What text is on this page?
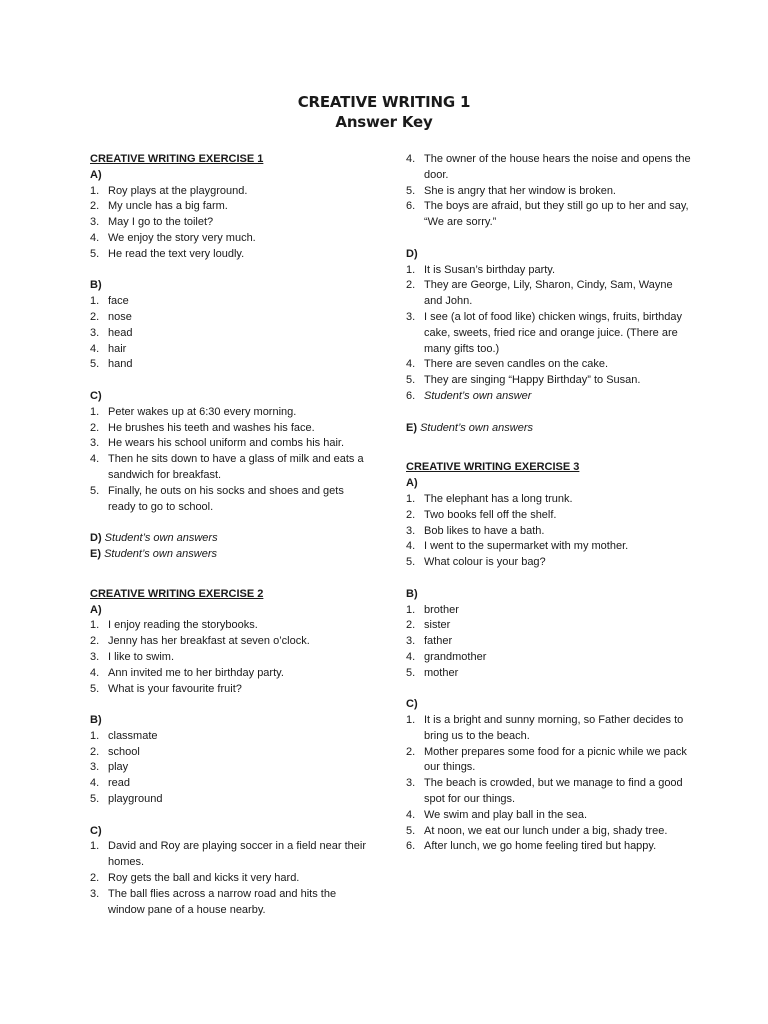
CREATIVE WRITING 1
Answer Key
CREATIVE WRITING EXERCISE 1
A)
1. Roy plays at the playground.
2. My uncle has a big farm.
3. May I go to the toilet?
4. We enjoy the story very much.
5. He read the text very loudly.
B)
1. face
2. nose
3. head
4. hair
5. hand
C)
1. Peter wakes up at 6:30 every morning.
2. He brushes his teeth and washes his face.
3. He wears his school uniform and combs his hair.
4. Then he sits down to have a glass of milk and eats a sandwich for breakfast.
5. Finally, he outs on his socks and shoes and gets ready to go to school.
D) Student’s own answers
E) Student’s own answers
CREATIVE WRITING EXERCISE 2
A)
1. I enjoy reading the storybooks.
2. Jenny has her breakfast at seven o’clock.
3. I like to swim.
4. Ann invited me to her birthday party.
5. What is your favourite fruit?
B)
1. classmate
2. school
3. play
4. read
5. playground
C)
1. David and Roy are playing soccer in a field near their homes.
2. Roy gets the ball and kicks it very hard.
3. The ball flies across a narrow road and hits the window pane of a house nearby.
4. The owner of the house hears the noise and opens the door.
5. She is angry that her window is broken.
6. The boys are afraid, but they still go up to her and say, “We are sorry.”
D)
1. It is Susan’s birthday party.
2. They are George, Lily, Sharon, Cindy, Sam, Wayne and John.
3. I see (a lot of food like) chicken wings, fruits, birthday cake, sweets, fried rice and orange juice. (There are many gifts too.)
4. There are seven candles on the cake.
5. They are singing “Happy Birthday” to Susan.
6. Student’s own answer
E) Student’s own answers
CREATIVE WRITING EXERCISE 3
A)
1. The elephant has a long trunk.
2. Two books fell off the shelf.
3. Bob likes to have a bath.
4. I went to the supermarket with my mother.
5. What colour is your bag?
B)
1. brother
2. sister
3. father
4. grandmother
5. mother
C)
1. It is a bright and sunny morning, so Father decides to bring us to the beach.
2. Mother prepares some food for a picnic while we pack our things.
3. The beach is crowded, but we manage to find a good spot for our things.
4. We swim and play ball in the sea.
5. At noon, we eat our lunch under a big, shady tree.
6. After lunch, we go home feeling tired but happy.
